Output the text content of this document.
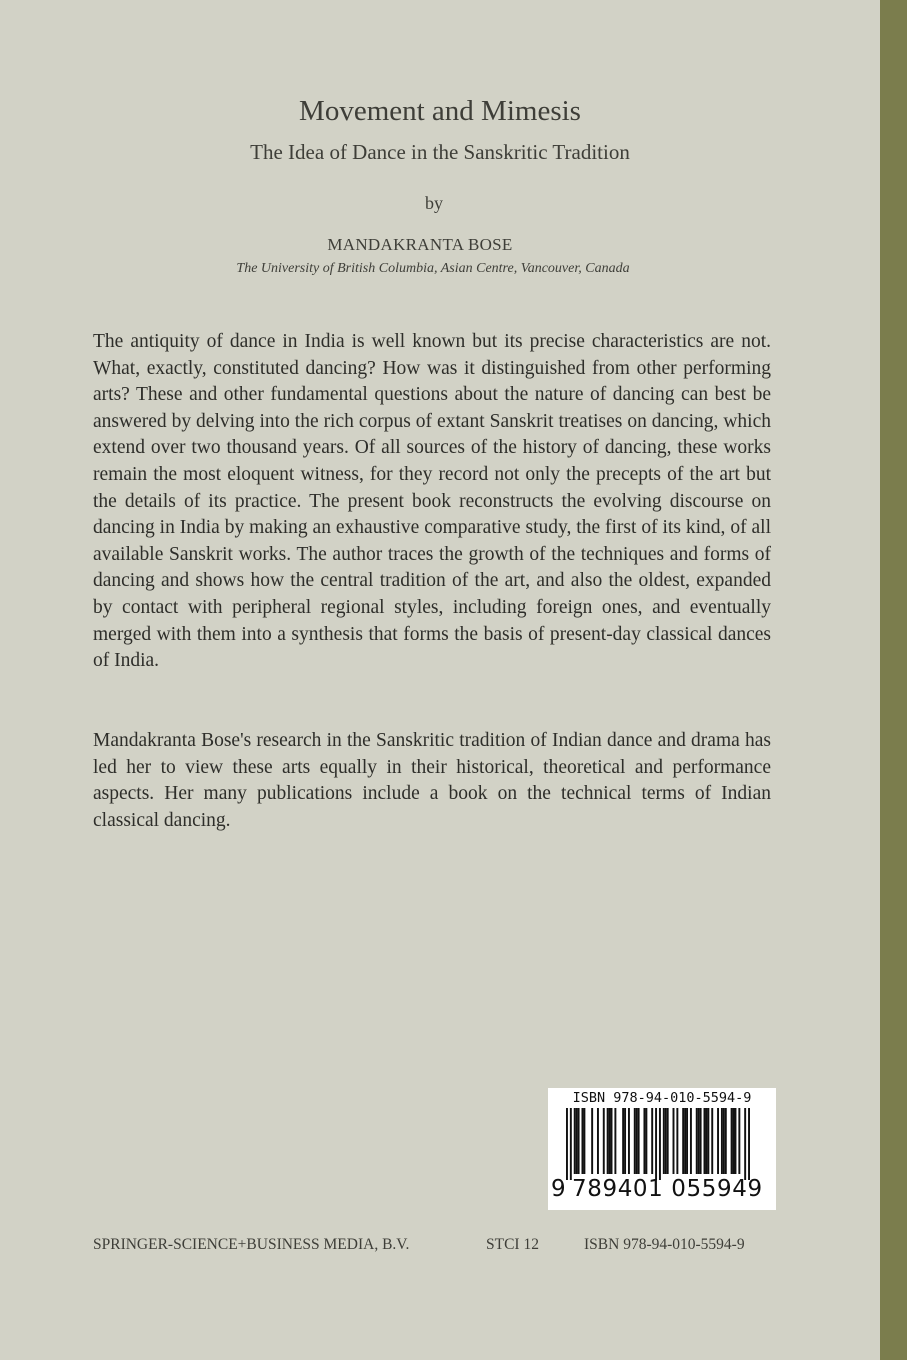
Movement and Mimesis
The Idea of Dance in the Sanskritic Tradition
by
MANDAKRANTA BOSE
The University of British Columbia, Asian Centre, Vancouver, Canada

The antiquity of dance in India is well known but its precise characteristics are not. What, exactly, constituted dancing? How was it distinguished from other performing arts? These and other fundamental questions about the nature of dancing can best be answered by delving into the rich corpus of extant Sanskrit treatises on dancing, which extend over two thousand years. Of all sources of the history of dancing, these works remain the most eloquent witness, for they record not only the precepts of the art but the details of its practice. The present book reconstructs the evolving discourse on dancing in India by making an exhaustive comparative study, the first of its kind, of all available Sanskrit works. The author traces the growth of the techniques and forms of dancing and shows how the central tradition of the art, and also the oldest, expanded by contact with peripheral regional styles, including foreign ones, and eventually merged with them into a synthesis that forms the basis of present-day classical dances of India.

Mandakranta Bose's research in the Sanskritic tradition of Indian dance and drama has led her to view these arts equally in their historical, theoretical and performance aspects. Her many publications include a book on the technical terms of Indian classical dancing.

ISBN 978-94-010-5594-9
9 789401 055949
SPRINGER-SCIENCE+BUSINESS MEDIA, B.V.	STCI 12	ISBN 978-94-010-5594-9
